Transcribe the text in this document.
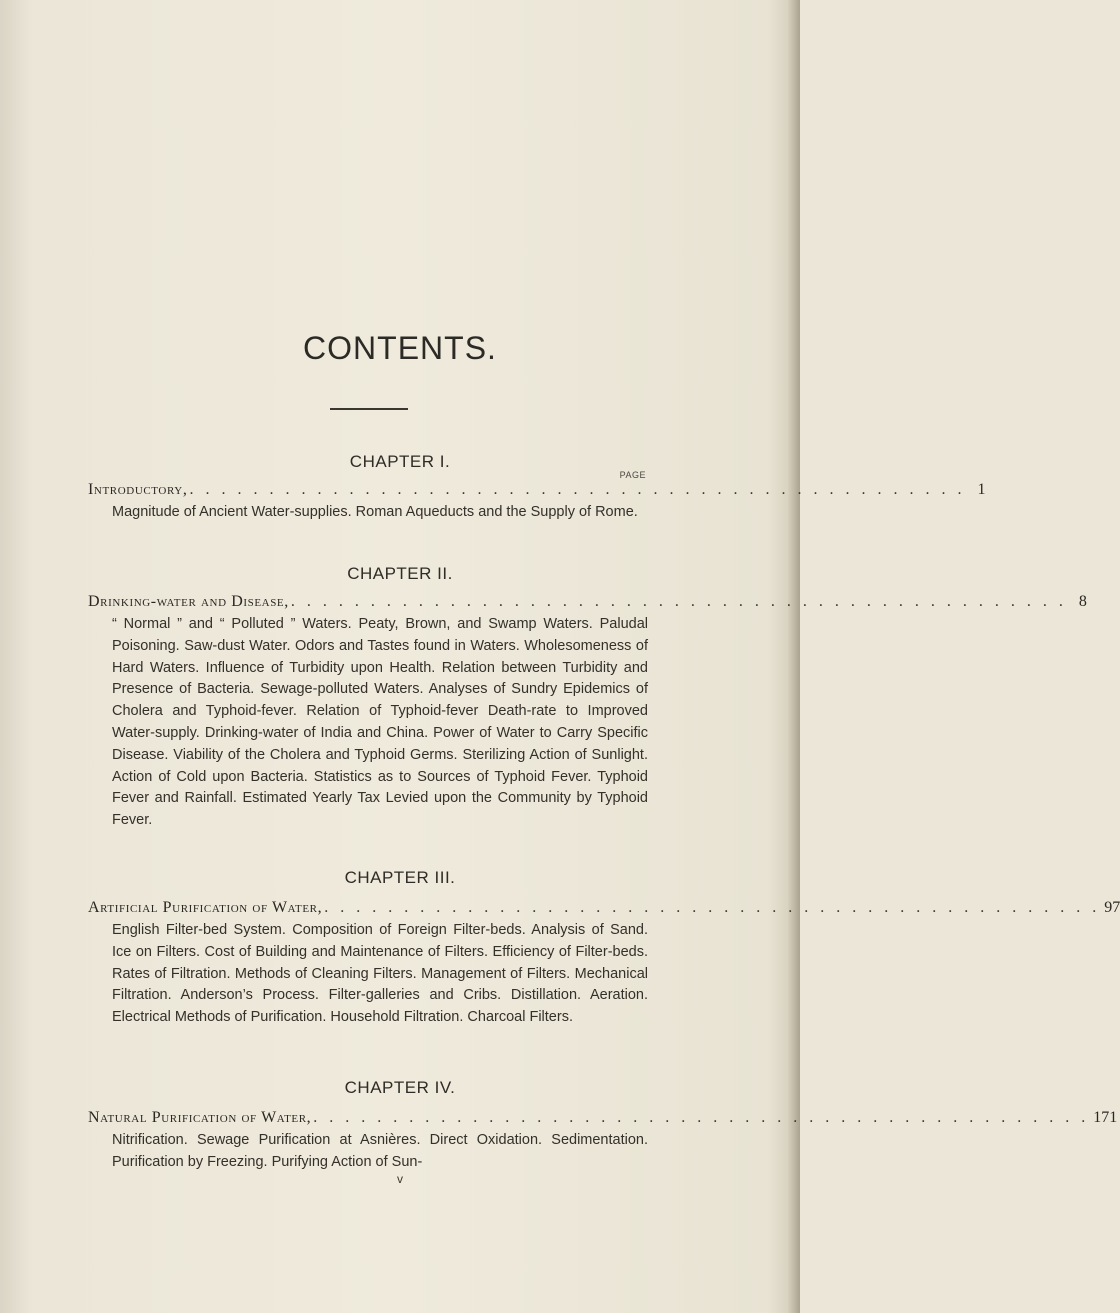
CONTENTS.
CHAPTER I.
PAGE
Introductory, . . . . . . . . . . . . . . . . . . . . . . . . . . . . . . . . . . . . . . . . . . . . . . . . . 1
Magnitude of Ancient Water-supplies. Roman Aqueducts and the Supply of Rome.
CHAPTER II.
Drinking-water and Disease, . . . . . . . . . . . . . . . . . . . . . . . . . . . . . . . . . . . . . . . . . . . . . . . . . 8
“ Normal ” and “ Polluted ” Waters. Peaty, Brown, and Swamp Waters. Paludal Poisoning. Saw-dust Water. Odors and Tastes found in Waters. Wholesomeness of Hard Waters. Influence of Turbidity upon Health. Relation between Turbidity and Presence of Bacteria. Sewage-polluted Waters. Analyses of Sundry Epidemics of Cholera and Typhoid-fever. Relation of Typhoid-fever Death-rate to Improved Water-supply. Drinking-water of India and China. Power of Water to Carry Specific Disease. Viability of the Cholera and Typhoid Germs. Sterilizing Action of Sunlight. Action of Cold upon Bacteria. Statistics as to Sources of Typhoid Fever. Typhoid Fever and Rainfall. Estimated Yearly Tax Levied upon the Community by Typhoid Fever.
CHAPTER III.
Artificial Purification of Water, . . . . . . . . . . . . . . . . . . . . . . . . . . . . . . . . . . . . . . . . . . . . . . . . . 97
English Filter-bed System. Composition of Foreign Filter-beds. Analysis of Sand. Ice on Filters. Cost of Building and Maintenance of Filters. Efficiency of Filter-beds. Rates of Filtration. Methods of Cleaning Filters. Management of Filters. Mechanical Filtration. Anderson’s Process. Filter-galleries and Cribs. Distillation. Aeration. Electrical Methods of Purification. Household Filtration. Charcoal Filters.
CHAPTER IV.
Natural Purification of Water, . . . . . . . . . . . . . . . . . . . . . . . . . . . . . . . . . . . . . . . . . . . . . . . . . 171
Nitrification. Sewage Purification at Asnières. Direct Oxidation. Sedimentation. Purification by Freezing. Purifying Action of Sun-
v
